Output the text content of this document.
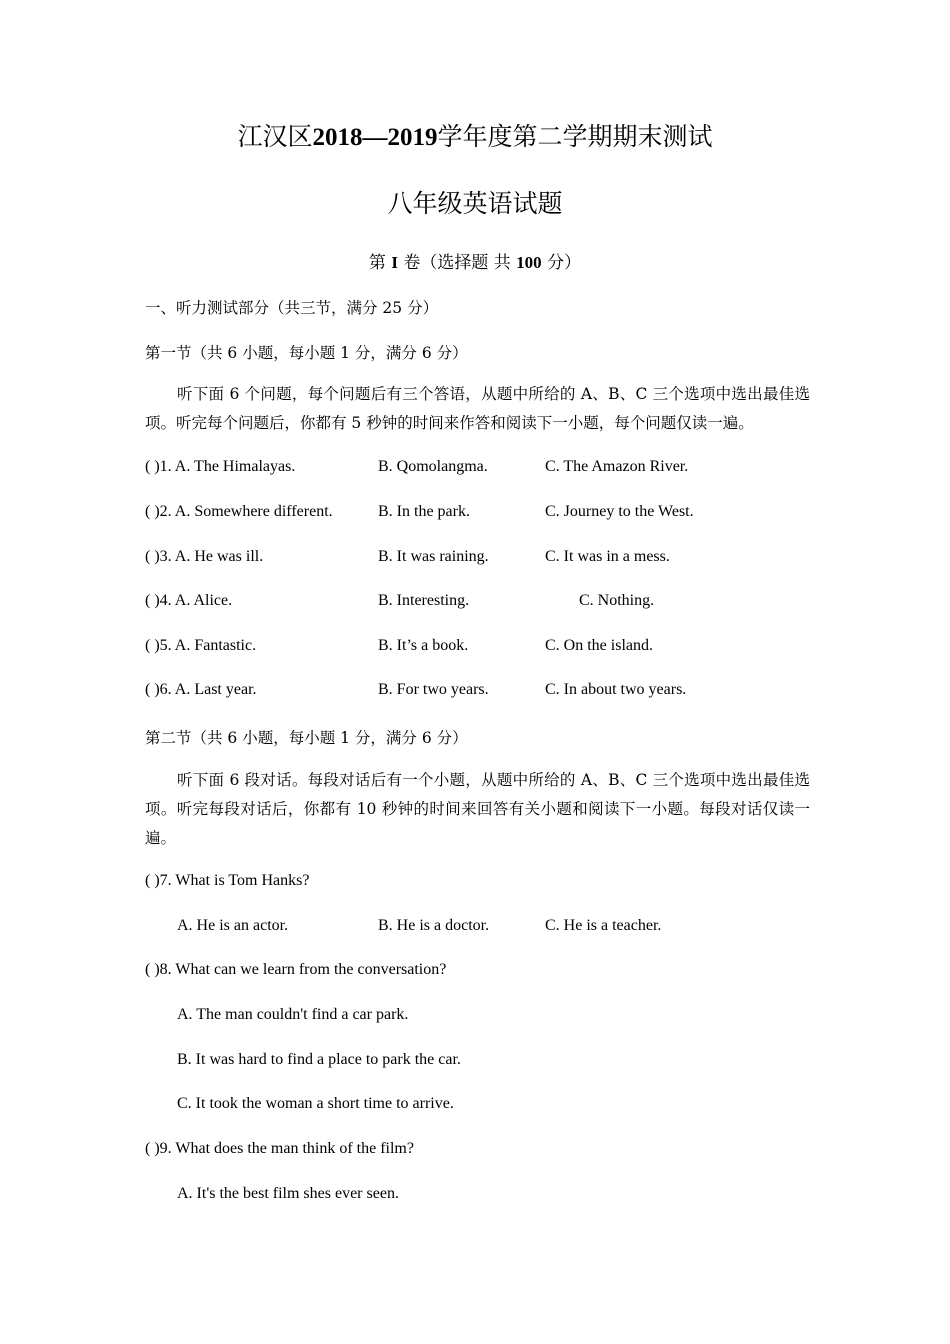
江汉区2018—2019学年度第二学期期末测试
八年级英语试题
第 I 卷（选择题 共 100 分）
一、听力测试部分（共三节，满分 25 分）
第一节（共 6 小题，每小题 1 分，满分 6 分）
听下面 6 个问题，每个问题后有三个答语，从题中所给的 A、B、C 三个选项中选出最佳选项。听完每个问题后，你都有 5 秒钟的时间来作答和阅读下一小题，每个问题仅读一遍。
( )1. A. The Himalayas.	B. Qomolangma.	C. The Amazon River.
( )2. A. Somewhere different.	B. In the park.	C. Journey to the West.
( )3. A. He was ill.	B. It was raining.	C. It was in a mess.
( )4. A. Alice.	B. Interesting.	C. Nothing.
( )5. A. Fantastic.	B. It’s a book.	C. On the island.
( )6. A. Last year.	B. For two years.	C. In about two years.
第二节（共 6 小题，每小题 1 分，满分 6 分）
听下面 6 段对话。每段对话后有一个小题，从题中所给的 A、B、C 三个选项中选出最佳选项。听完每段对话后，你都有 10 秒钟的时间来回答有关小题和阅读下一小题。每段对话仅读一遍。
( )7. What is Tom Hanks?
A. He is an actor.	B. He is a doctor.	C. He is a teacher.
( )8. What can we learn from the conversation?
A. The man couldn't find a car park.
B. It was hard to find a place to park the car.
C. It took the woman a short time to arrive.
( )9. What does the man think of the film?
A. It's the best film shes ever seen.
